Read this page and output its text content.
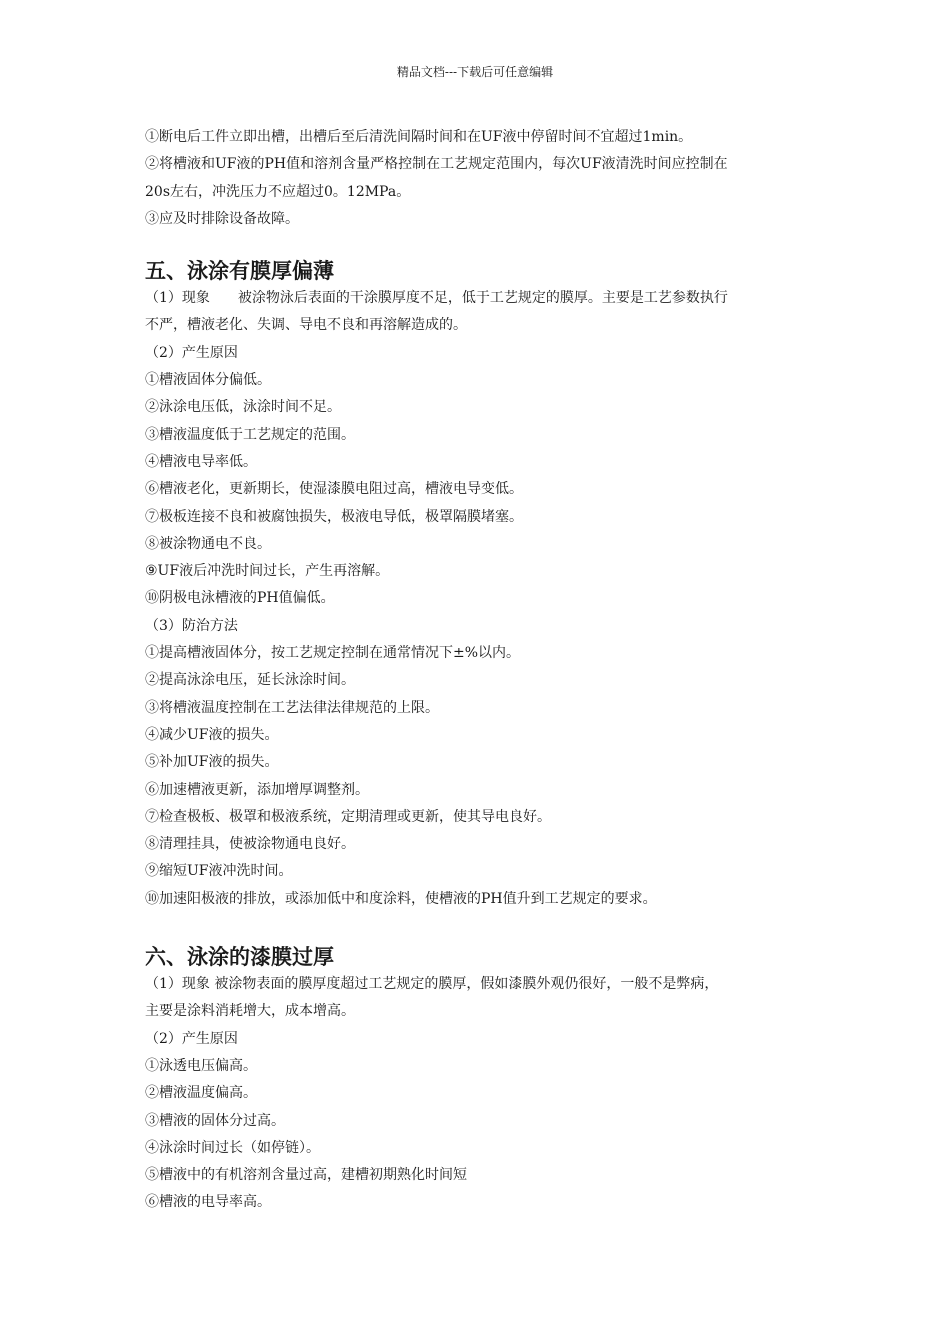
精品文档---下载后可任意编辑

①断电后工件立即出槽，出槽后至后清洗间隔时间和在UF液中停留时间不宜超过1min。

②将槽液和UF液的PH值和溶剂含量严格控制在工艺规定范围内，每次UF液清洗时间应控制在

20s左右，冲洗压力不应超过0。12MPa。

③应及时排除设备故障。

五、泳涂有膜厚偏薄

（1）现象　　被涂物泳后表面的干涂膜厚度不足，低于工艺规定的膜厚。主要是工艺参数执行

不严，槽液老化、失调、导电不良和再溶解造成的。

（2）产生原因

①槽液固体分偏低。

②泳涂电压低，泳涂时间不足。

③槽液温度低于工艺规定的范围。

④槽液电导率低。

⑥槽液老化，更新期长，使湿漆膜电阻过高，槽液电导变低。

⑦极板连接不良和被腐蚀损失，极液电导低，极罩隔膜堵塞。

⑧被涂物通电不良。

⑨UF液后冲洗时间过长，产生再溶解。

⑩阴极电泳槽液的PH值偏低。

（3）防治方法

①提高槽液固体分，按工艺规定控制在通常情况下±%以内。

②提高泳涂电压，延长泳涂时间。

③将槽液温度控制在工艺法律法律规范的上限。

④减少UF液的损失。

⑤补加UF液的损失。

⑥加速槽液更新，添加增厚调整剂。

⑦检查极板、极罩和极液系统，定期清理或更新，使其导电良好。

⑧清理挂具，使被涂物通电良好。

⑨缩短UF液冲洗时间。

⑩加速阳极液的排放，或添加低中和度涂料，使槽液的PH值升到工艺规定的要求。

六、泳涂的漆膜过厚

（1）现象 被涂物表面的膜厚度超过工艺规定的膜厚，假如漆膜外观仍很好，一般不是弊病，

主要是涂料消耗增大，成本增高。

（2）产生原因

①泳透电压偏高。

②槽液温度偏高。

③槽液的固体分过高。

④泳涂时间过长（如停链）。

⑤槽液中的有机溶剂含量过高，建槽初期熟化时间短

⑥槽液的电导率高。
